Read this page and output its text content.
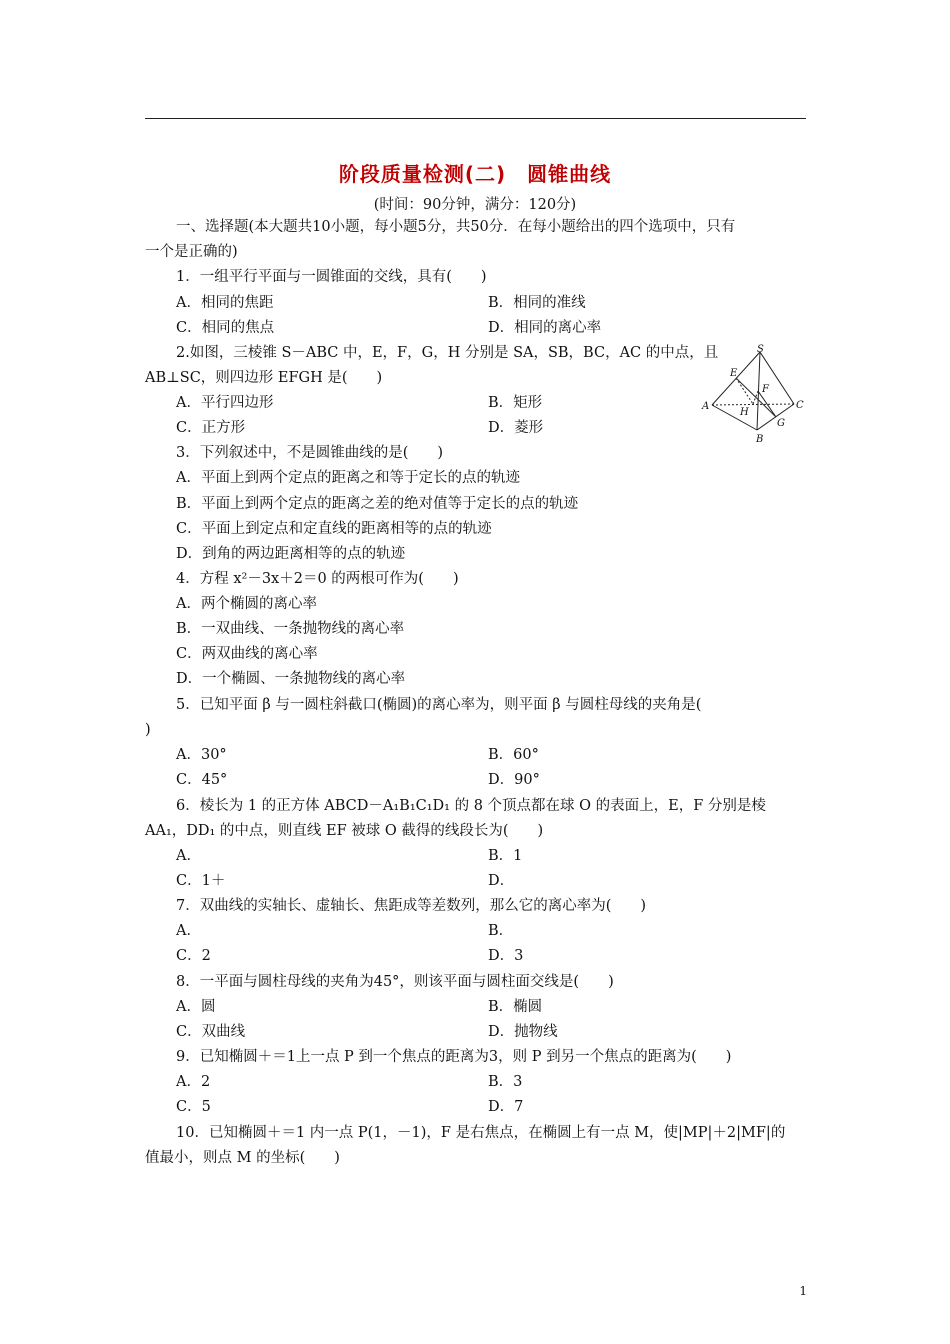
阶段质量检测(二)　圆锥曲线
(时间：90分钟，满分：120分)
一、选择题(本大题共10小题，每小题5分，共50分．在每小题给出的四个选项中，只有
一个是正确的)
1．一组平行平面与一圆锥面的交线，具有(　　)
A．相同的焦距	B．相同的准线
C．相同的焦点	D．相同的离心率
2.如图，三棱锥 S－ABC 中，E，F，G，H 分别是 SA，SB，BC，AC 的中点，且
AB⊥SC，则四边形 EFGH 是(　　)
A．平行四边形	B．矩形
C．正方形	D．菱形
S
E
F
A
H
C
G
B
3．下列叙述中，不是圆锥曲线的是(　　)
A．平面上到两个定点的距离之和等于定长的点的轨迹
B．平面上到两个定点的距离之差的绝对值等于定长的点的轨迹
C．平面上到定点和定直线的距离相等的点的轨迹
D．到角的两边距离相等的点的轨迹
4．方程 x²－3x＋2＝0 的两根可作为(　　)
A．两个椭圆的离心率
B．一双曲线、一条抛物线的离心率
C．两双曲线的离心率
D．一个椭圆、一条抛物线的离心率
5．已知平面 β 与一圆柱斜截口(椭圆)的离心率为，则平面 β 与圆柱母线的夹角是(
)
A．30°	B．60°
C．45°	D．90°
6．棱长为 1 的正方体 ABCD－A₁B₁C₁D₁ 的 8 个顶点都在球 O 的表面上，E，F 分别是棱
AA₁，DD₁ 的中点，则直线 EF 被球 O 截得的线段长为(　　)
A．	B．1
C．1＋	D．
7．双曲线的实轴长、虚轴长、焦距成等差数列，那么它的离心率为(　　)
A．	B．
C．2	D．3
8．一平面与圆柱母线的夹角为45°，则该平面与圆柱面交线是(　　)
A．圆	B．椭圆
C．双曲线	D．抛物线
9．已知椭圆＋＝1上一点 P 到一个焦点的距离为3，则 P 到另一个焦点的距离为(　　)
A．2	B．3
C．5	D．7
10．已知椭圆＋＝1 内一点 P(1，－1)，F 是右焦点，在椭圆上有一点 M，使|MP|＋2|MF|的
值最小，则点 M 的坐标(　　)
1
